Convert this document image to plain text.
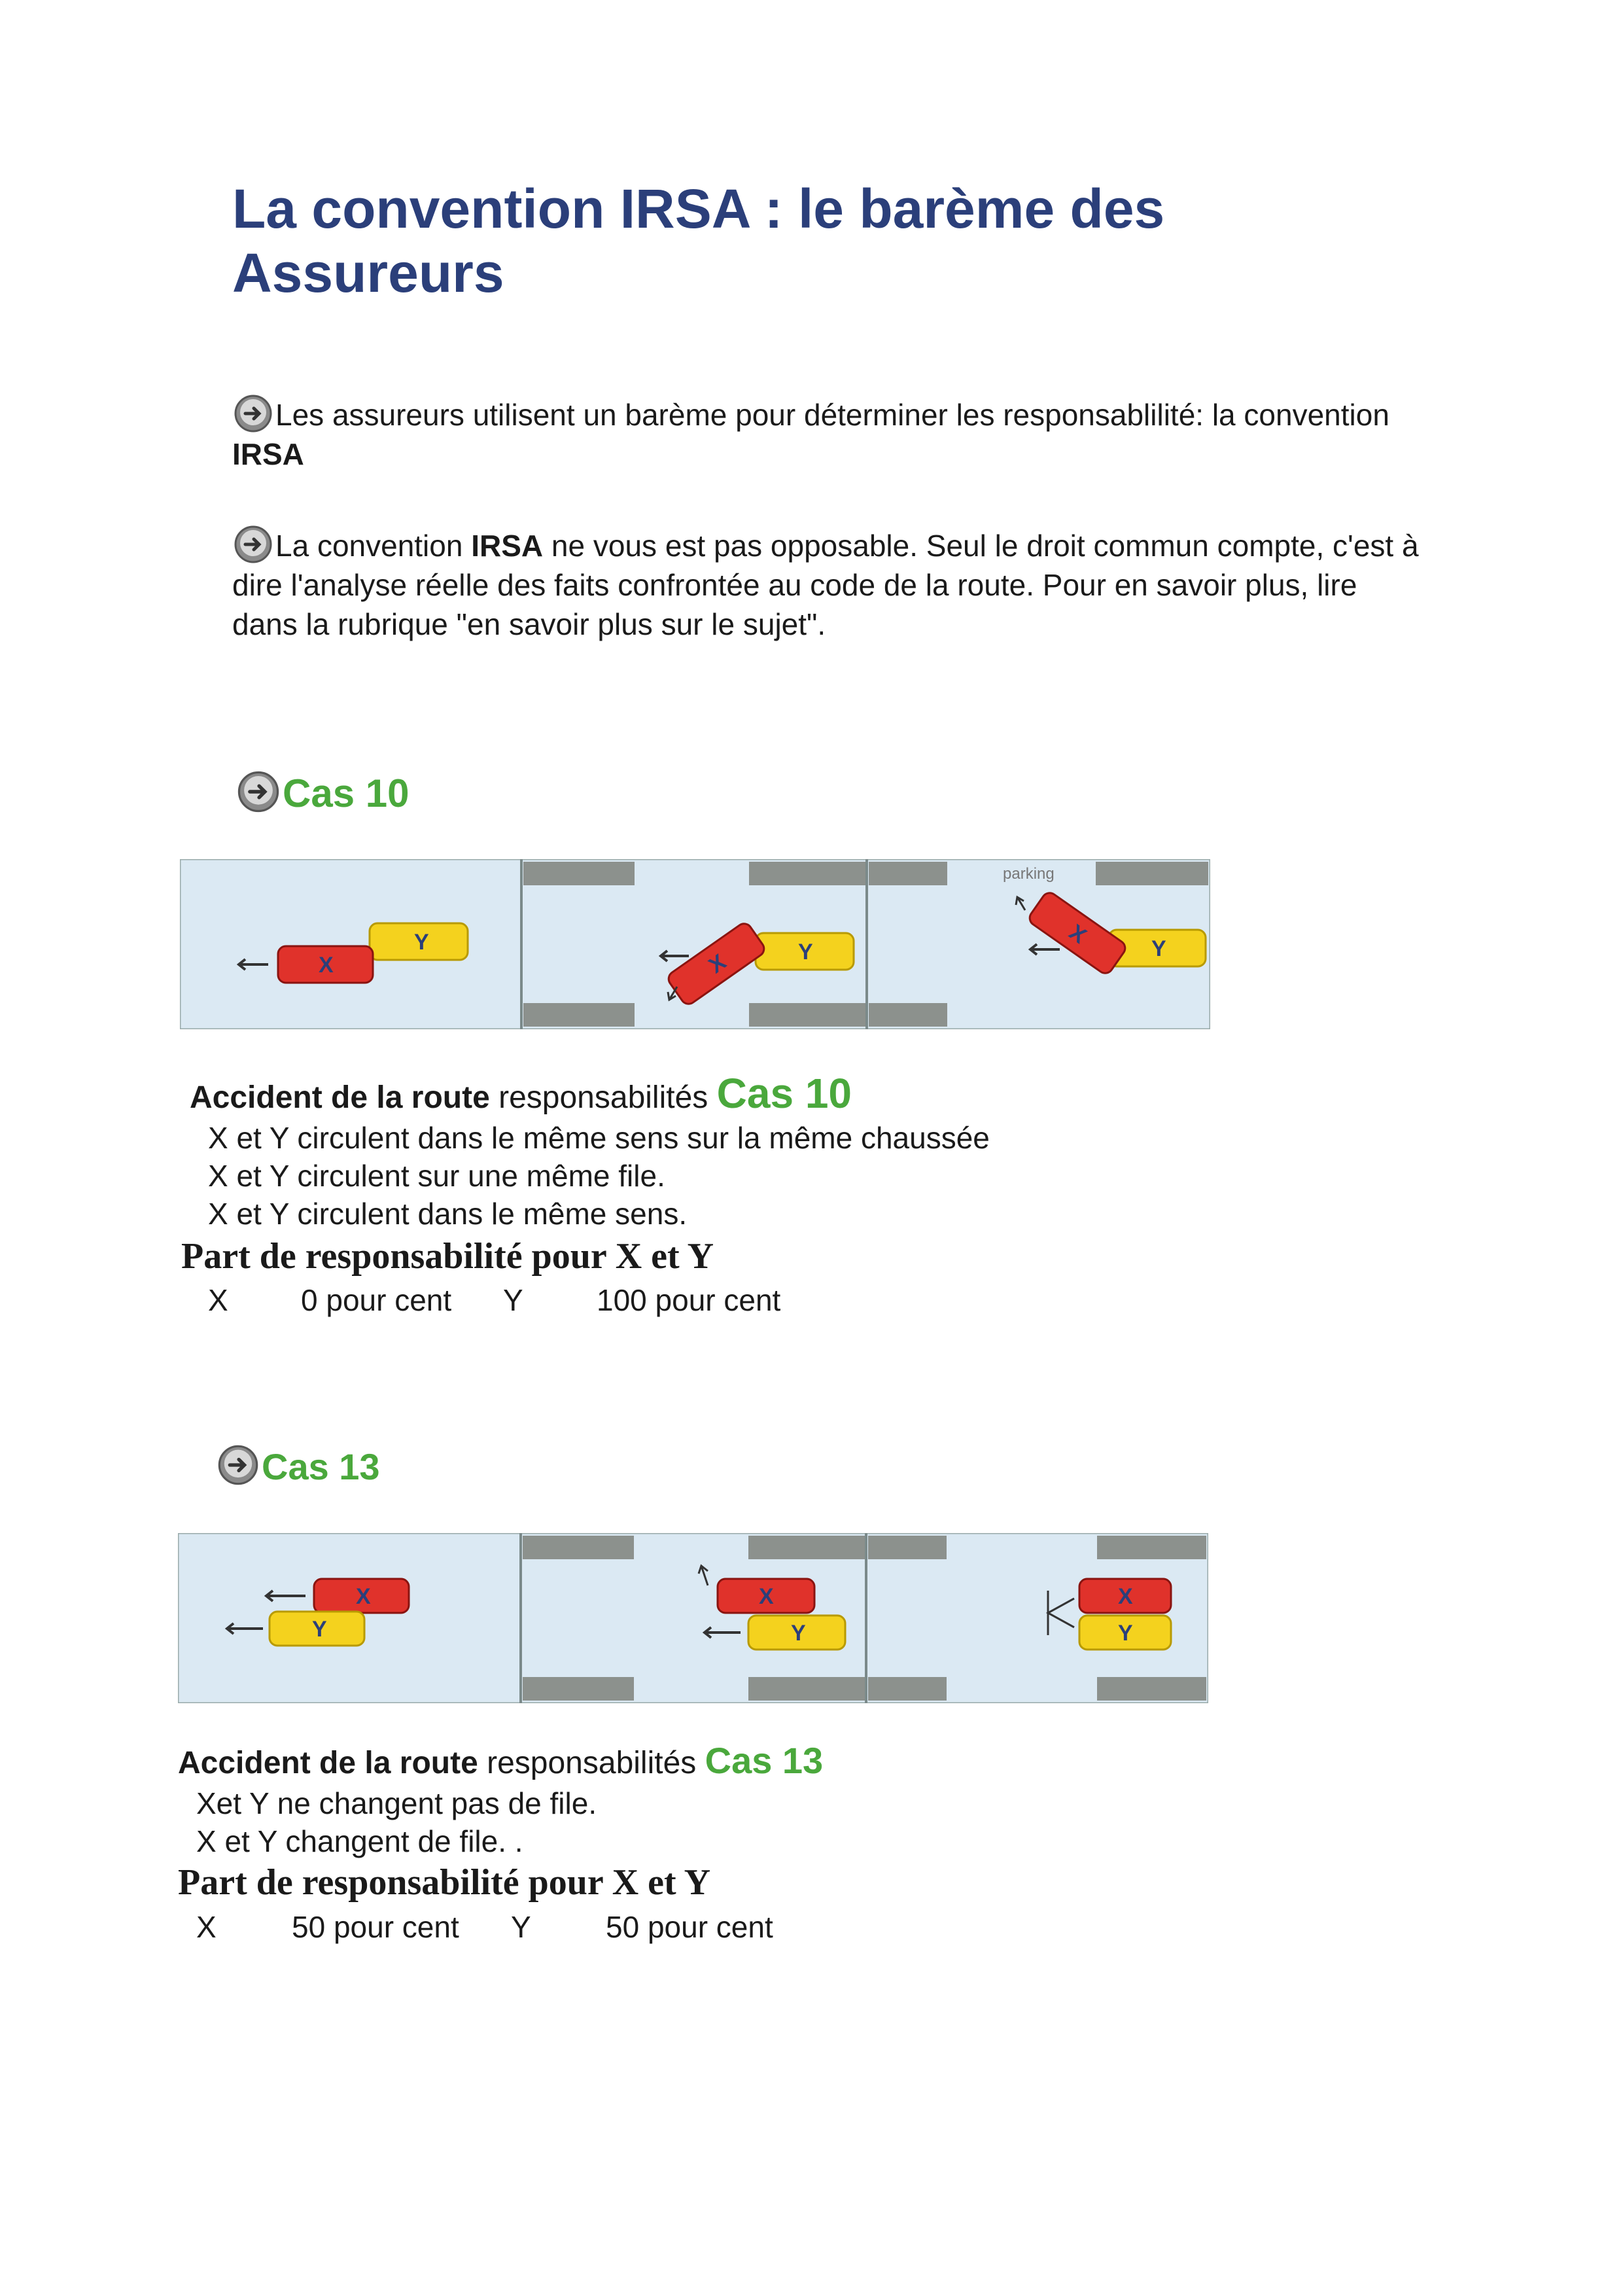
La convention IRSA : le barème des Assureurs
Les assureurs utilisent un barème pour déterminer les responsablilité: la convention IRSA
La convention IRSA ne vous est pas opposable. Seul le droit commun compte, c'est à dire l'analyse réelle des faits confrontée au code de la route. Pour en savoir plus, lire dans la rubrique "en savoir plus sur le sujet".
Cas 10
parking
Y
X
Y
X
Y
X
Accident de la route responsabilités Cas 10
X et Y circulent dans le même sens sur la même chaussée
X et Y circulent sur une même file.
X et Y circulent dans le même sens.
Part de responsabilité pour X et Y
X 0 pour cent Y 100 pour cent
Cas 13
X
Y
X
Y
X
Y
Accident de la route responsabilités Cas 13
Xet Y ne changent pas de file.
X et Y changent de file. .
Part de responsabilité pour X et Y
X	50 pour cent Y 50 pour cent
